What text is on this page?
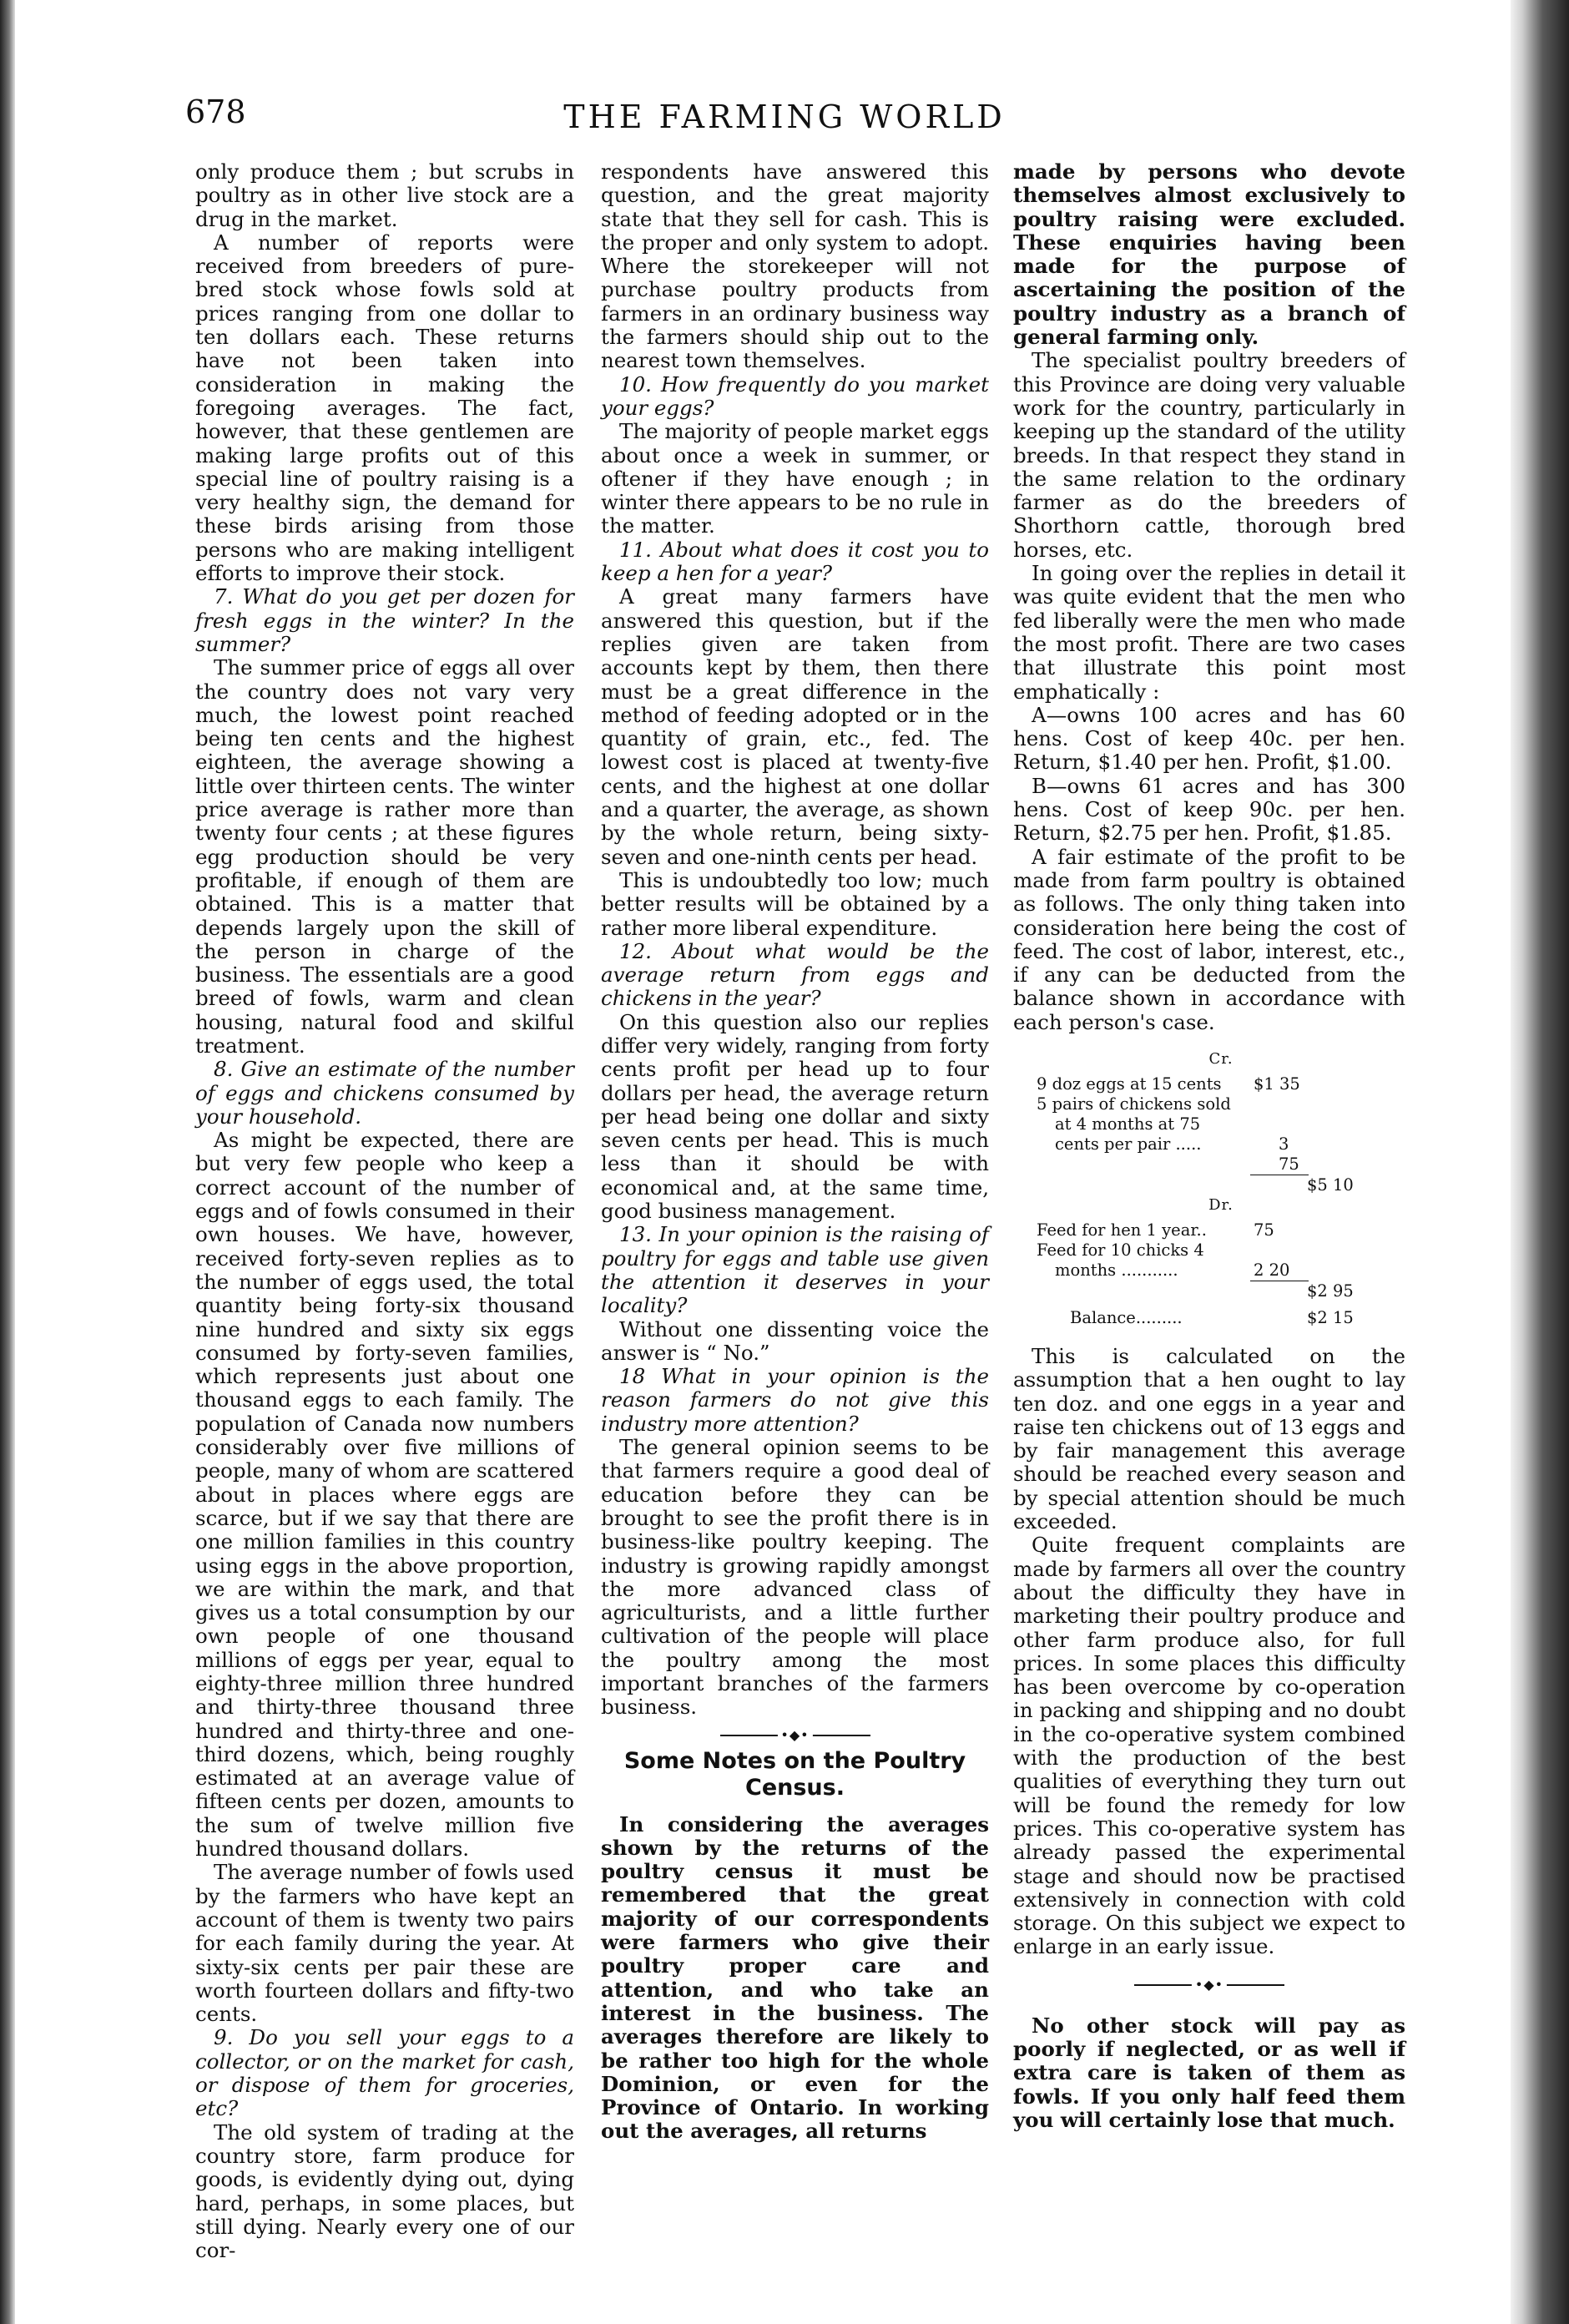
678	THE FARMING WORLD

only produce them ; but scrubs in poultry as in other live stock are a drug in the market.

A number of reports were received from breeders of pure-bred stock whose fowls sold at prices ranging from one dollar to ten dollars each. These returns have not been taken into consideration in making the foregoing averages. The fact, however, that these gentlemen are making large profits out of this special line of poultry raising is a very healthy sign, the demand for these birds arising from those persons who are making intelligent efforts to improve their stock.

7. What do you get per dozen for fresh eggs in the winter? In the summer?

The summer price of eggs all over the country does not vary very much, the lowest point reached being ten cents and the highest eighteen, the average showing a little over thirteen cents. The winter price average is rather more than twenty four cents ; at these figures egg production should be very profitable, if enough of them are obtained. This is a matter that depends largely upon the skill of the person in charge of the business. The essentials are a good breed of fowls, warm and clean housing, natural food and skilful treatment.

8. Give an estimate of the number of eggs and chickens consumed by your household.

As might be expected, there are but very few people who keep a correct account of the number of eggs and of fowls consumed in their own houses. We have, however, received forty-seven replies as to the number of eggs used, the total quantity being forty-six thousand nine hundred and sixty six eggs consumed by forty-seven families, which represents just about one thousand eggs to each family. The population of Canada now numbers considerably over five millions of people, many of whom are scattered about in places where eggs are scarce, but if we say that there are one million families in this country using eggs in the above proportion, we are within the mark, and that gives us a total consumption by our own people of one thousand millions of eggs per year, equal to eighty-three million three hundred and thirty-three thousand three hundred and thirty-three and one-third dozens, which, being roughly estimated at an average value of fifteen cents per dozen, amounts to the sum of twelve million five hundred thousand dollars.

The average number of fowls used by the farmers who have kept an account of them is twenty two pairs for each family during the year. At sixty-six cents per pair these are worth fourteen dollars and fifty-two cents.

9. Do you sell your eggs to a collector, or on the market for cash, or dispose of them for groceries, etc?

The old system of trading at the country store, farm produce for goods, is evidently dying out, dying hard, perhaps, in some places, but still dying. Nearly every one of our cor-

respondents have answered this question, and the great majority state that they sell for cash. This is the proper and only system to adopt. Where the storekeeper will not purchase poultry products from farmers in an ordinary business way the farmers should ship out to the nearest town themselves.

10. How frequently do you market your eggs?

The majority of people market eggs about once a week in summer, or oftener if they have enough ; in winter there appears to be no rule in the matter.

11. About what does it cost you to keep a hen for a year?

A great many farmers have answered this question, but if the replies given are taken from accounts kept by them, then there must be a great difference in the method of feeding adopted or in the quantity of grain, etc., fed. The lowest cost is placed at twenty-five cents, and the highest at one dollar and a quarter, the average, as shown by the whole return, being sixty-seven and one-ninth cents per head.

This is undoubtedly too low; much better results will be obtained by a rather more liberal expenditure.

12. About what would be the average return from eggs and chickens in the year?

On this question also our replies differ very widely, ranging from forty cents profit per head up to four dollars per head, the average return per head being one dollar and sixty seven cents per head. This is much less than it should be with economical and, at the same time, good business management.

13. In your opinion is the raising of poultry for eggs and table use given the attention it deserves in your locality?

Without one dissenting voice the answer is “ No.”

18 What in your opinion is the reason farmers do not give this industry more attention?

The general opinion seems to be that farmers require a good deal of education before they can be brought to see the profit there is in business-like poultry keeping. The industry is growing rapidly amongst the more advanced class of agriculturists, and a little further cultivation of the people will place the poultry among the most important branches of the farmers business.

•◆•
Some Notes on the Poultry Census.

In considering the averages shown by the returns of the poultry census it must be remembered that the great majority of our correspondents were farmers who give their poultry proper care and attention, and who take an interest in the business. The averages therefore are likely to be rather too high for the whole Dominion, or even for the Province of Ontario. In working out the averages, all returns

made by persons who devote themselves almost exclusively to poultry raising were excluded. These enquiries having been made for the purpose of ascertaining the position of the poultry industry as a branch of general farming only.

The specialist poultry breeders of this Province are doing very valuable work for the country, particularly in keeping up the standard of the utility breeds. In that respect they stand in the same relation to the ordinary farmer as do the breeders of Shorthorn cattle, thorough bred horses, etc.

In going over the replies in detail it was quite evident that the men who fed liberally were the men who made the most profit. There are two cases that illustrate this point most emphatically :

A—owns 100 acres and has 60 hens. Cost of keep 40c. per hen. Return, $1.40 per hen. Profit, $1.00.

B—owns 61 acres and has 300 hens. Cost of keep 90c. per hen. Return, $2.75 per hen. Profit, $1.85.

A fair estimate of the profit to be made from farm poultry is obtained as follows. The only thing taken into consideration here being the cost of feed. The cost of labor, interest, etc., if any can be deducted from the balance shown in accordance with each person's case.

Cr.
9 doz eggs at 15 cents	$1 35
5 pairs of chickens sold
at 4 months at 75
cents per pair .....	3 75
$5 10
Dr.
Feed for hen 1 year..	75
Feed for 10 chicks 4
months ...........	2 20
$2 95
Balance.........	$2 15

This is calculated on the assumption that a hen ought to lay ten doz. and one eggs in a year and raise ten chickens out of 13 eggs and by fair management this average should be reached every season and by special attention should be much exceeded.

Quite frequent complaints are made by farmers all over the country about the difficulty they have in marketing their poultry produce and other farm produce also, for full prices. In some places this difficulty has been overcome by co-operation in packing and shipping and no doubt in the co-operative system combined with the production of the best qualities of everything they turn out will be found the remedy for low prices. This co-operative system has already passed the experimental stage and should now be practised extensively in connection with cold storage. On this subject we expect to enlarge in an early issue.

•◆•

No other stock will pay as poorly if neglected, or as well if extra care is taken of them as fowls. If you only half feed them you will certainly lose that much.
